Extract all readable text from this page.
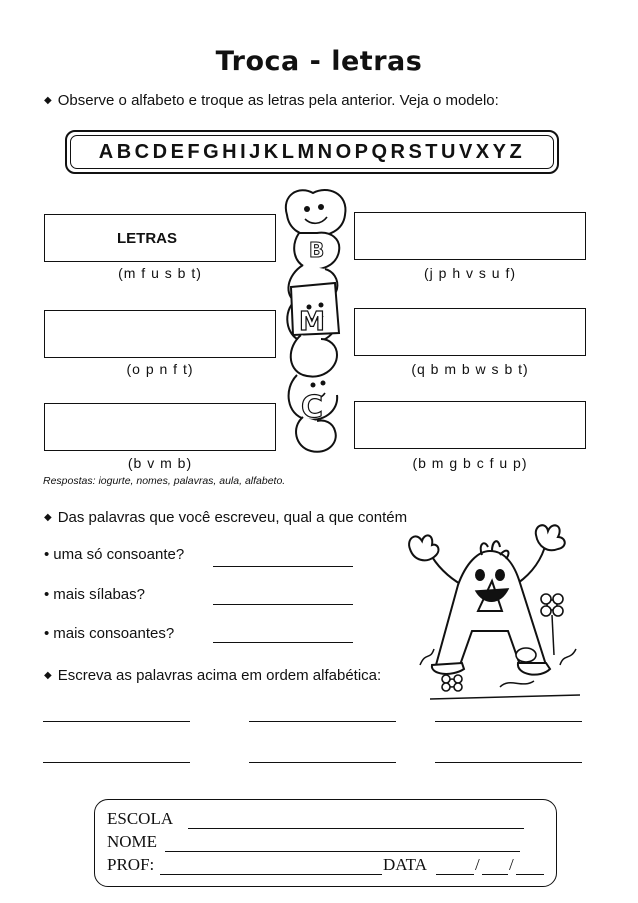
Troca - letras
◆ Observe o alfabeto e troque as letras pela anterior. Veja o modelo:
ABCDEFGHIJKLMNOPQRSTUVXYZ
LETRAS
(m f u s b t)
(o p n f t)
(b v m b)
(j p h v s u f)
(q b m b w s b t)
(b m g b c f u p)
B
M
C
Respostas: iogurte, nomes, palavras, aula, alfabeto.
◆ Das palavras que você escreveu, qual a que contém
• uma só consoante?
• mais sílabas?
• mais consoantes?
◆ Escreva as palavras acima em ordem alfabética:
ESCOLA
NOME
PROF:	DATA	/ /
